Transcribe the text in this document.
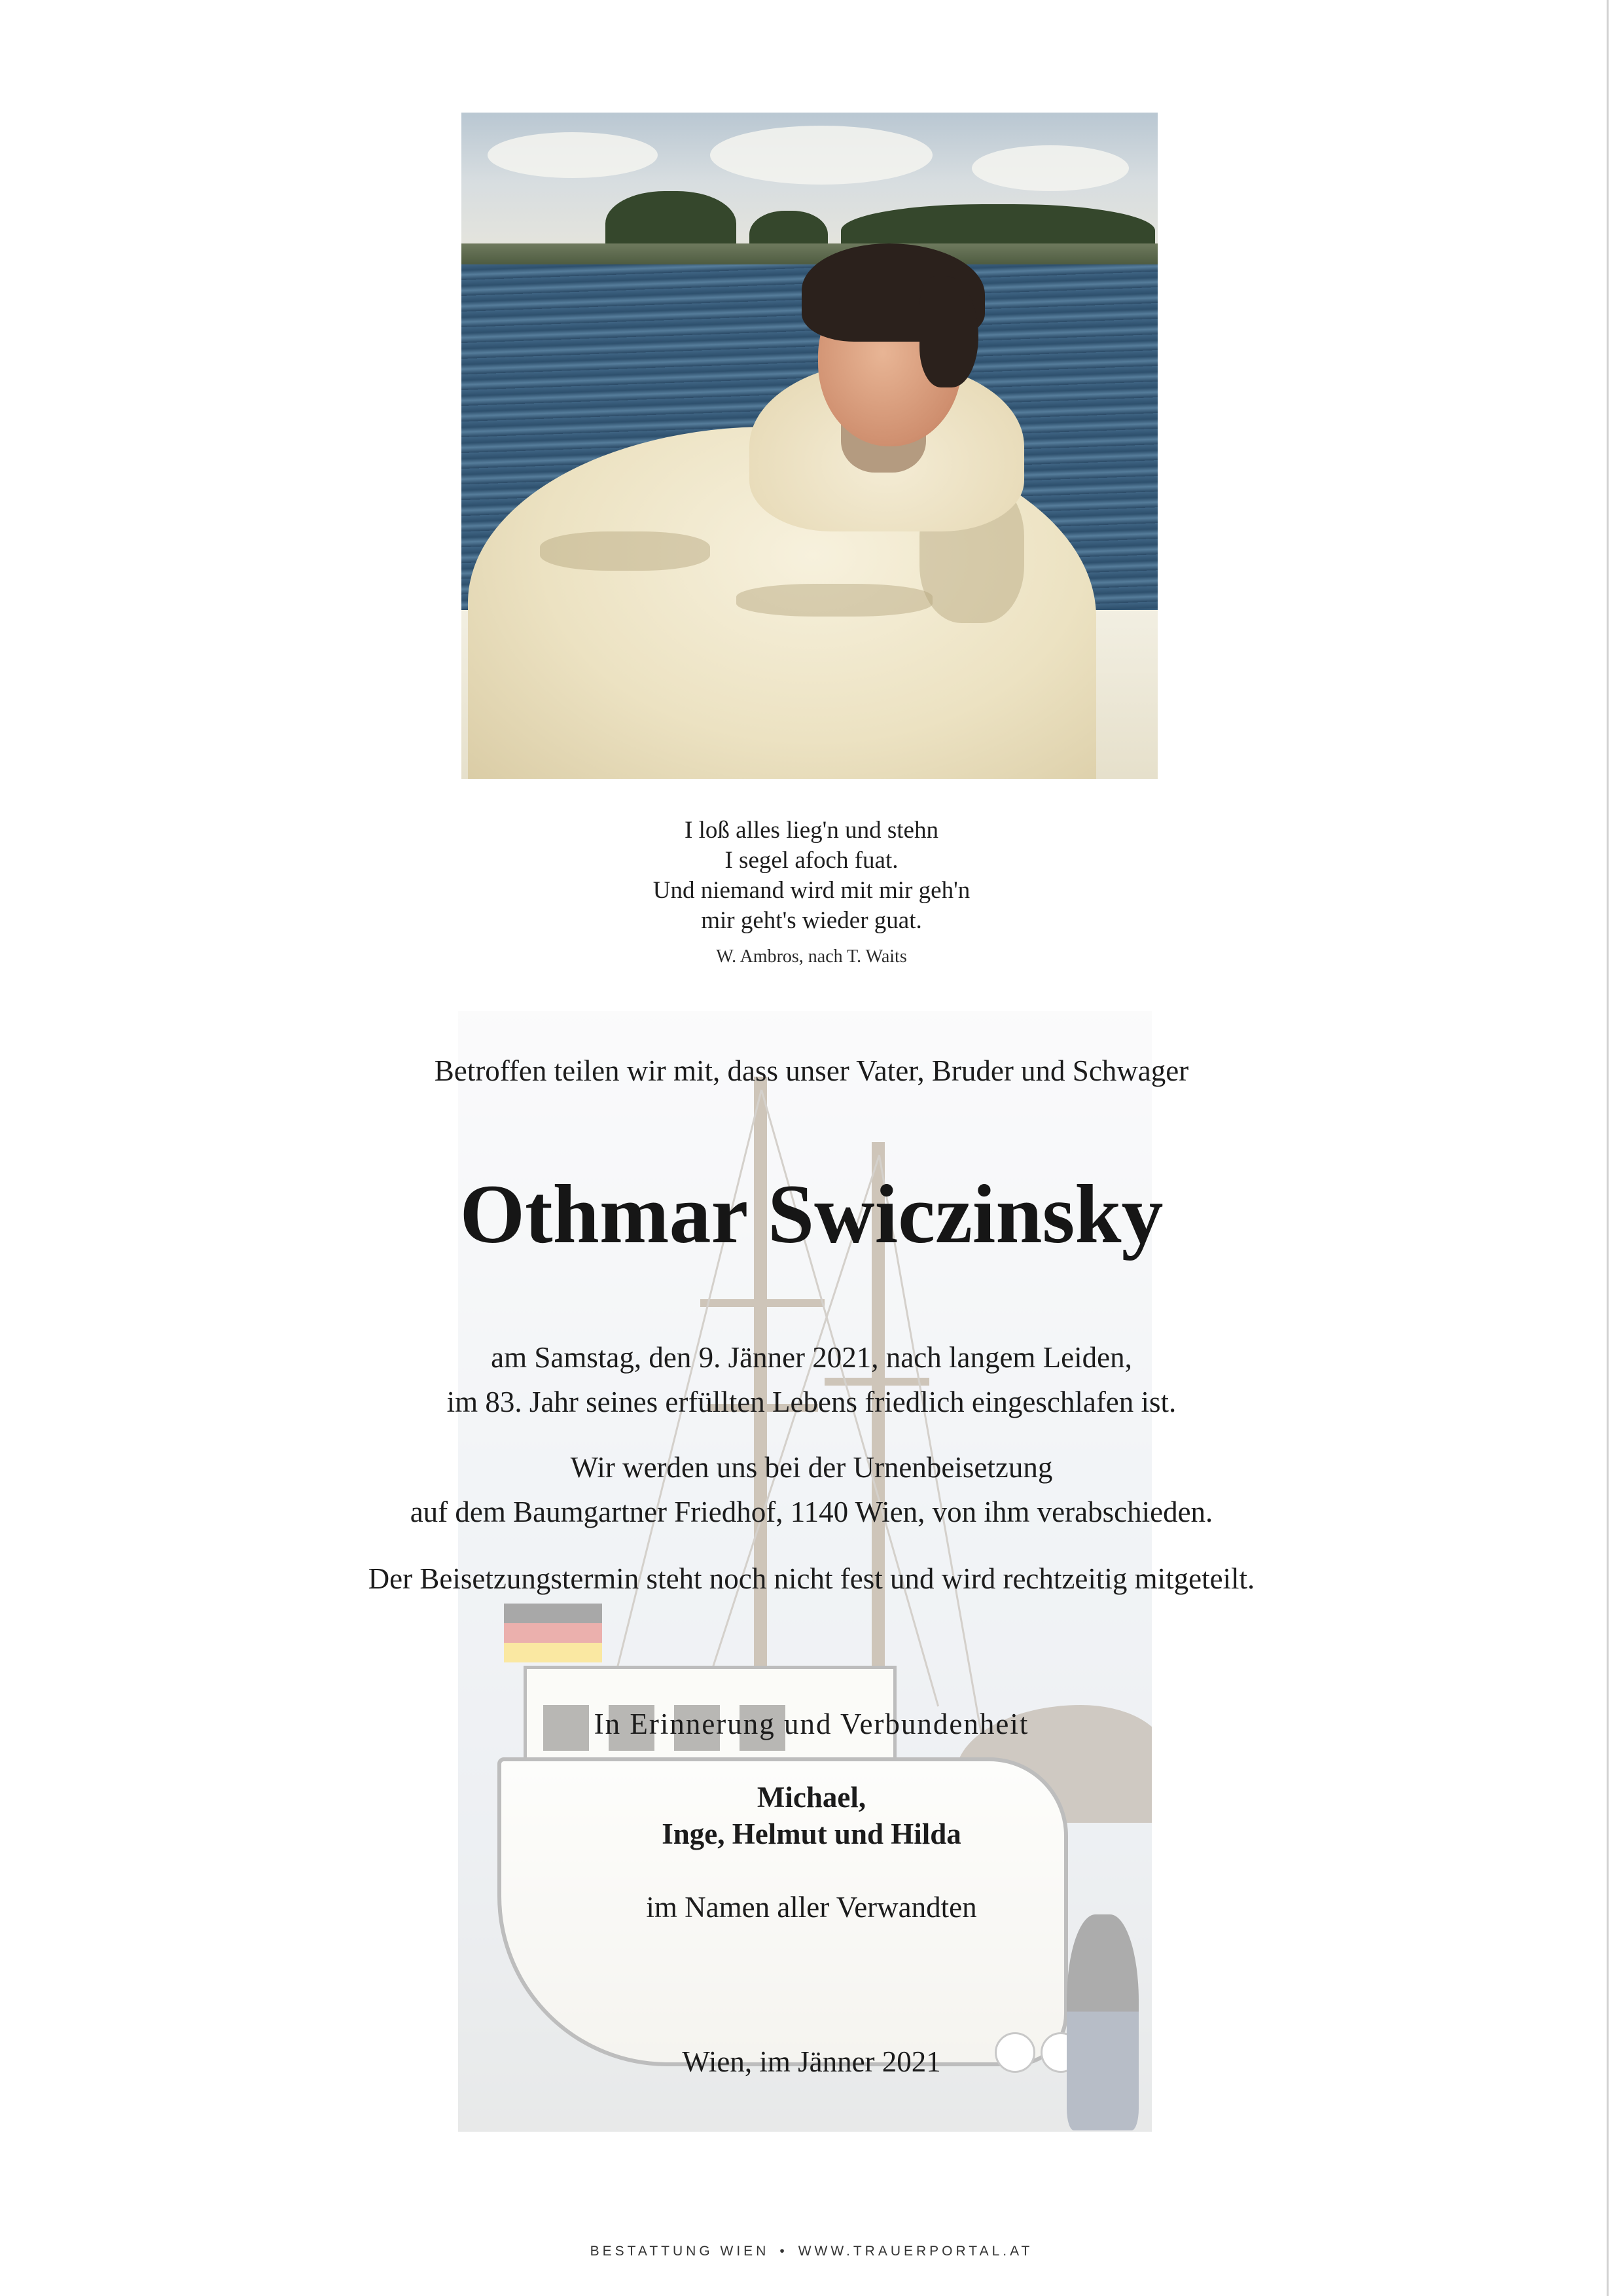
I loß alles lieg'n und stehn
I segel afoch fuat.
Und niemand wird mit mir geh'n
mir geht's wieder guat.
W. Ambros, nach T. Waits
Betroffen teilen wir mit, dass unser Vater, Bruder und Schwager
Othmar Swiczinsky
am Samstag, den 9. Jänner 2021, nach langem Leiden,
im 83. Jahr seines erfüllten Lebens friedlich eingeschlafen ist.
Wir werden uns bei der Urnenbeisetzung
auf dem Baumgartner Friedhof, 1140 Wien, von ihm verabschieden.
Der Beisetzungstermin steht noch nicht fest und wird rechtzeitig mitgeteilt.
In Erinnerung und Verbundenheit
Michael,
Inge, Helmut und Hilda
im Namen aller Verwandten
Wien, im Jänner 2021
BESTATTUNG WIEN • WWW.TRAUERPORTAL.AT
